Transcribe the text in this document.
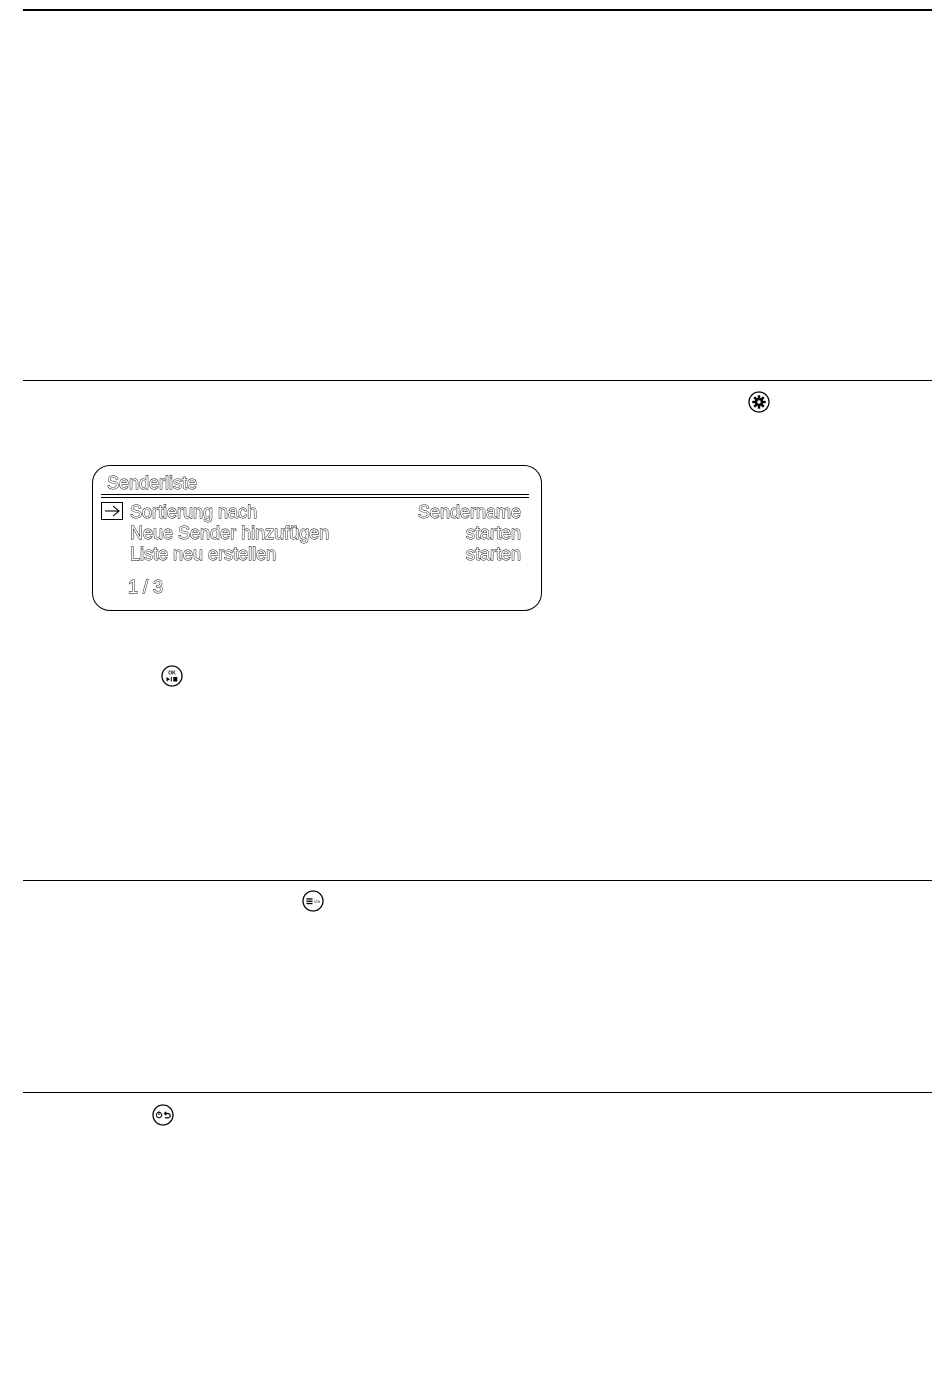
Senderliste
Sortierung nach	Sendername
Neue Sender hinzufügen	starten
Liste neu erstellen	starten
1 / 3
OK
i/ııı
